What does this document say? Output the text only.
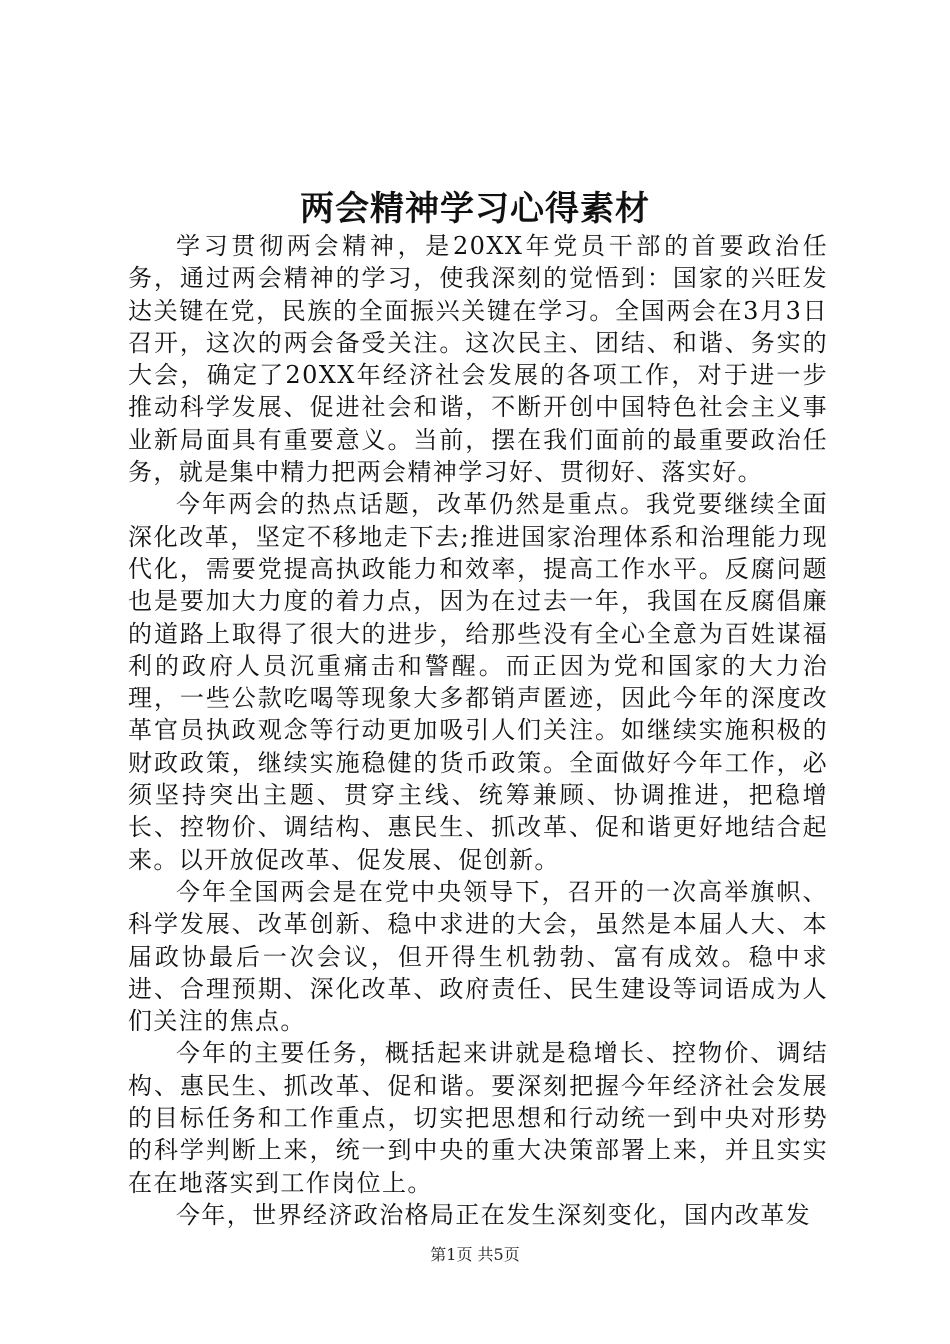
两会精神学习心得素材

学习贯彻两会精神，是20XX年党员干部的首要政治任务，通过两会精神的学习，使我深刻的觉悟到：国家的兴旺发达关键在党，民族的全面振兴关键在学习。全国两会在3月3日召开，这次的两会备受关注。这次民主、团结、和谐、务实的大会，确定了20XX年经济社会发展的各项工作，对于进一步推动科学发展、促进社会和谐，不断开创中国特色社会主义事业新局面具有重要意义。当前，摆在我们面前的最重要政治任务，就是集中精力把两会精神学习好、贯彻好、落实好。

今年两会的热点话题，改革仍然是重点。我党要继续全面深化改革，坚定不移地走下去;推进国家治理体系和治理能力现代化，需要党提高执政能力和效率，提高工作水平。反腐问题也是要加大力度的着力点，因为在过去一年，我国在反腐倡廉的道路上取得了很大的进步，给那些没有全心全意为百姓谋福利的政府人员沉重痛击和警醒。而正因为党和国家的大力治理，一些公款吃喝等现象大多都销声匿迹，因此今年的深度改革官员执政观念等行动更加吸引人们关注。如继续实施积极的财政政策，继续实施稳健的货币政策。全面做好今年工作，必须坚持突出主题、贯穿主线、统筹兼顾、协调推进，把稳增长、控物价、调结构、惠民生、抓改革、促和谐更好地结合起来。以开放促改革、促发展、促创新。

今年全国两会是在党中央领导下，召开的一次高举旗帜、科学发展、改革创新、稳中求进的大会，虽然是本届人大、本届政协最后一次会议，但开得生机勃勃、富有成效。稳中求进、合理预期、深化改革、政府责任、民生建设等词语成为人们关注的焦点。

今年的主要任务，概括起来讲就是稳增长、控物价、调结构、惠民生、抓改革、促和谐。要深刻把握今年经济社会发展的目标任务和工作重点，切实把思想和行动统一到中央对形势的科学判断上来，统一到中央的重大决策部署上来，并且实实在在地落实到工作岗位上。

今年，世界经济政治格局正在发生深刻变化，国内改革发

第1页 共5页
